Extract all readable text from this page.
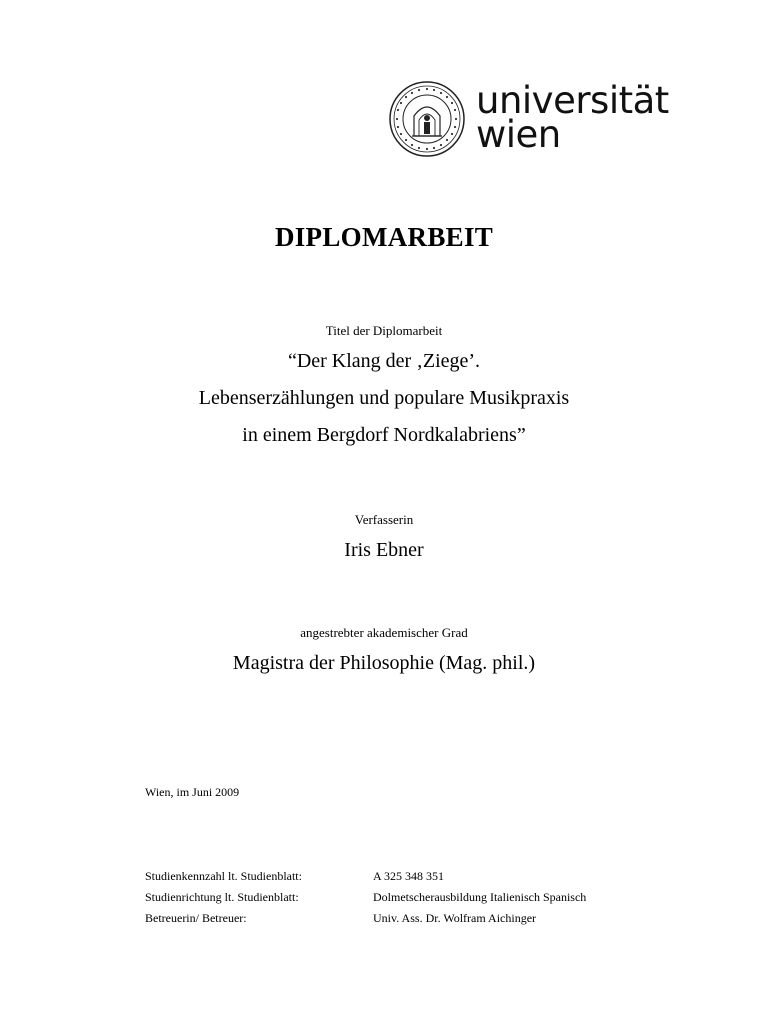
universität
wien
DIPLOMARBEIT
Titel der Diplomarbeit
“Der Klang der ‚Ziege’.
Lebenserzählungen und populare Musikpraxis
in einem Bergdorf Nordkalabriens”
Verfasserin
Iris Ebner
angestrebter akademischer Grad
Magistra der Philosophie (Mag. phil.)
Wien, im Juni 2009
Studienkennzahl lt. Studienblatt:	A 325 348 351
Studienrichtung lt. Studienblatt:	Dolmetscherausbildung Italienisch Spanisch
Betreuerin/ Betreuer:	Univ. Ass. Dr. Wolfram Aichinger
